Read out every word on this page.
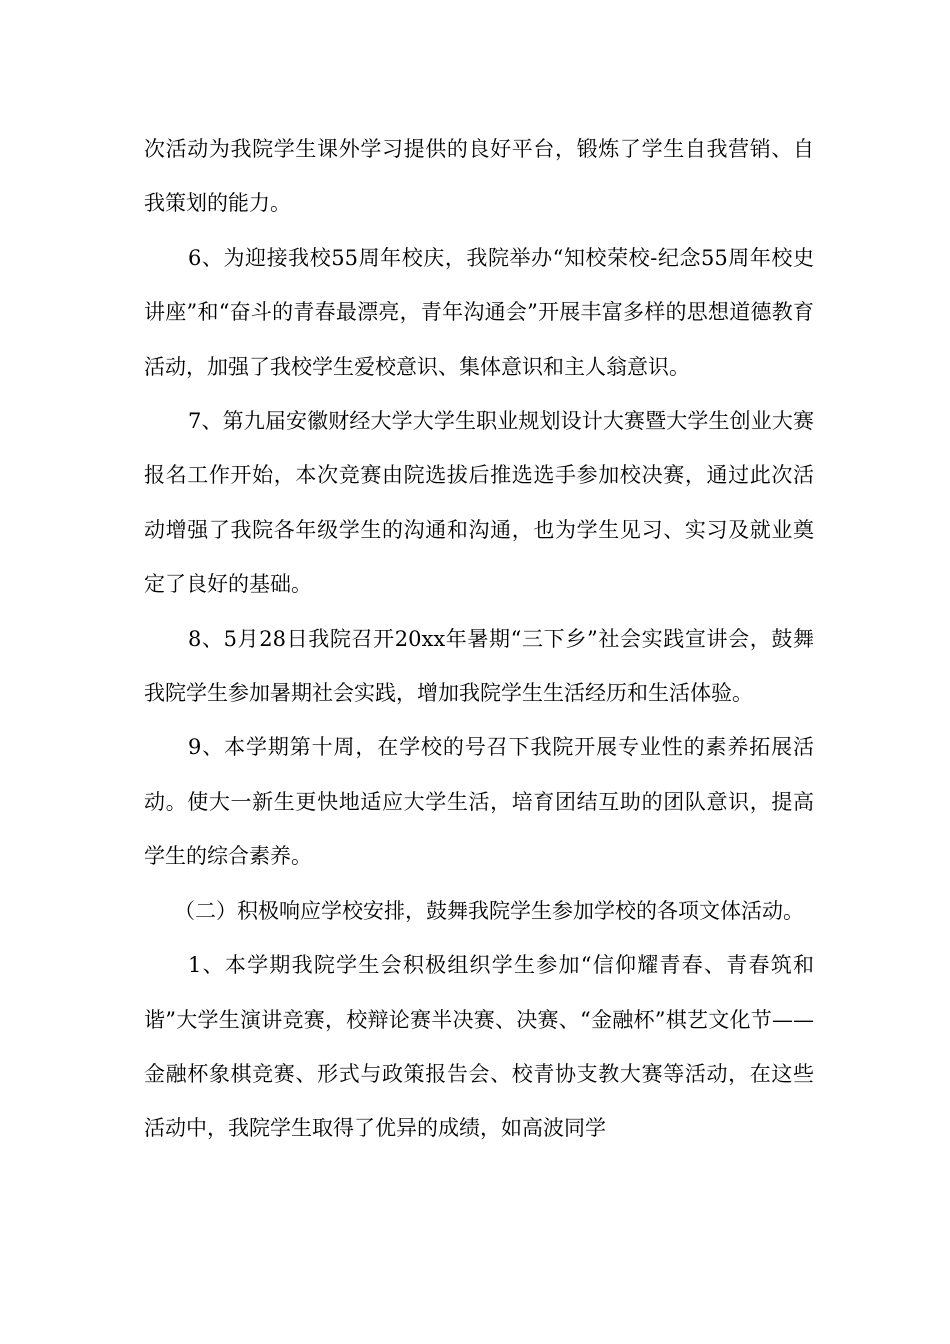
次活动为我院学生课外学习提供的良好平台，锻炼了学生自我营销、自我策划的能力。

6、为迎接我校55周年校庆，我院举办“知校荣校-纪念55周年校史讲座”和“奋斗的青春最漂亮，青年沟通会”开展丰富多样的思想道德教育活动，加强了我校学生爱校意识、集体意识和主人翁意识。

7、第九届安徽财经大学大学生职业规划设计大赛暨大学生创业大赛报名工作开始，本次竞赛由院选拔后推选选手参加校决赛，通过此次活动增强了我院各年级学生的沟通和沟通，也为学生见习、实习及就业奠定了良好的基础。

8、5月28日我院召开20xx年暑期“三下乡”社会实践宣讲会，鼓舞我院学生参加暑期社会实践，增加我院学生生活经历和生活体验。

9、本学期第十周，在学校的号召下我院开展专业性的素养拓展活动。使大一新生更快地适应大学生活，培育团结互助的团队意识，提高学生的综合素养。

（二）积极响应学校安排，鼓舞我院学生参加学校的各项文体活动。

1、本学期我院学生会积极组织学生参加“信仰耀青春、青春筑和谐”大学生演讲竞赛，校辩论赛半决赛、决赛、“金融杯”棋艺文化节——金融杯象棋竞赛、形式与政策报告会、校青协支教大赛等活动，在这些活动中，我院学生取得了优异的成绩，如高波同学
